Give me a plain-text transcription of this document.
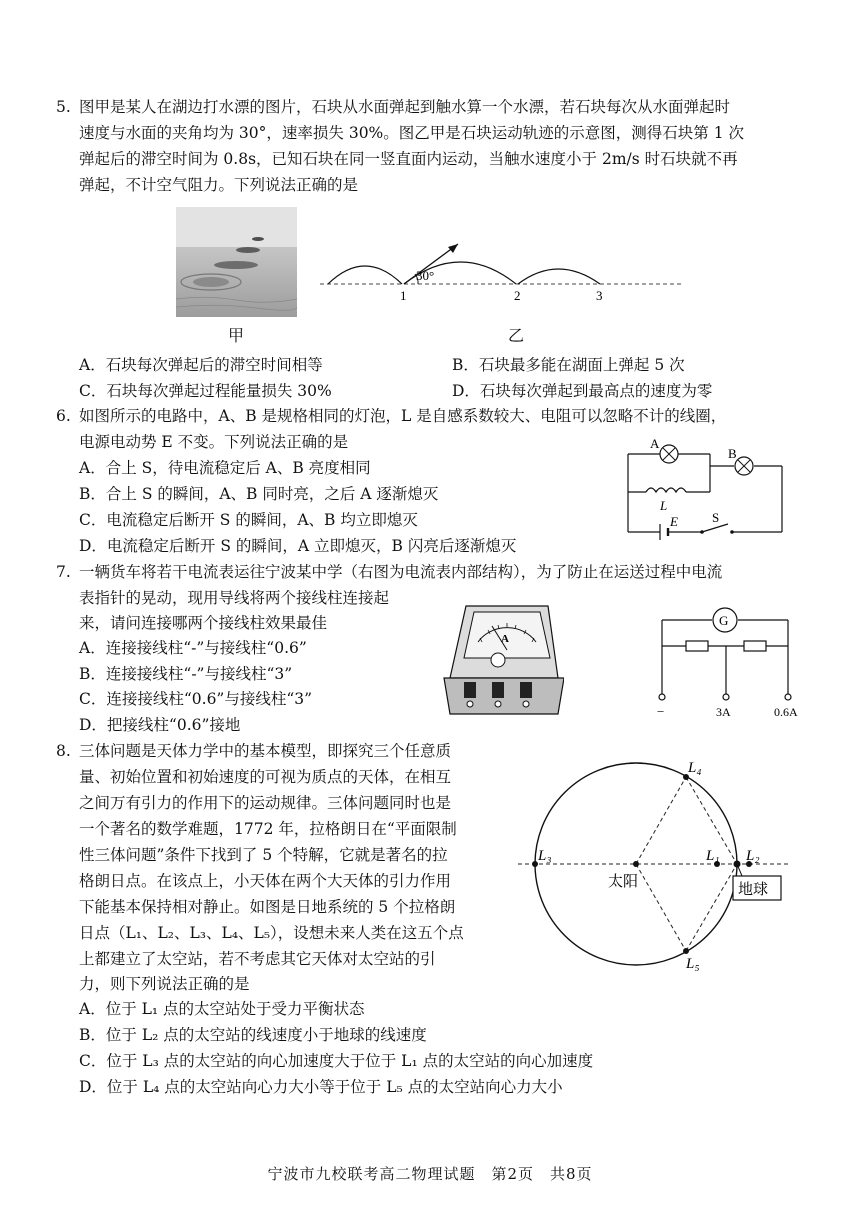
5. 图甲是某人在湖边打水漂的图片，石块从水面弹起到触水算一个水漂，若石块每次从水面弹起时
速度与水面的夹角均为 30°，速率损失 30%。图乙甲是石块运动轨迹的示意图，测得石块第 1 次
弹起后的滞空时间为 0.8s，已知石块在同一竖直面内运动，当触水速度小于 2m/s 时石块就不再
弹起，不计空气阻力。下列说法正确的是
甲
30°
1	2	3
乙
A．石块每次弹起后的滞空时间相等	B．石块最多能在湖面上弹起 5 次
C．石块每次弹起过程能量损失 30%	D．石块每次弹起到最高点的速度为零
6. 如图所示的电路中，A、B 是规格相同的灯泡，L 是自感系数较大、电阻可以忽略不计的线圈，
电源电动势 E 不变。下列说法正确的是
A．合上 S，待电流稳定后 A、B 亮度相同
B．合上 S 的瞬间，A、B 同时亮，之后 A 逐渐熄灭
C．电流稳定后断开 S 的瞬间，A、B 均立即熄灭
D．电流稳定后断开 S 的瞬间，A 立即熄灭，B 闪亮后逐渐熄灭
A
B
L
E	S
7. 一辆货车将若干电流表运往宁波某中学（右图为电流表内部结构），为了防止在运送过程中电流
表指针的晃动，现用导线将两个接线柱连接起
来，请问连接哪两个接线柱效果最佳
A．连接接线柱“-”与接线柱“0.6”
B．连接接线柱“-”与接线柱“3”
C．连接接线柱“0.6”与接线柱“3”
D．把接线柱“0.6”接地
A
G
−	3A	0.6A
8. 三体问题是天体力学中的基本模型，即探究三个任意质
量、初始位置和初始速度的可视为质点的天体，在相互
之间万有引力的作用下的运动规律。三体问题同时也是
一个著名的数学难题，1772 年，拉格朗日在“平面限制
性三体问题”条件下找到了 5 个特解，它就是著名的拉
格朗日点。在该点上，小天体在两个大天体的引力作用
下能基本保持相对静止。如图是日地系统的 5 个拉格朗
日点（L₁、L₂、L₃、L₄、L₅），设想未来人类在这五个点
上都建立了太空站，若不考虑其它天体对太空站的引
力，则下列说法正确的是
A．位于 L₁ 点的太空站处于受力平衡状态
B．位于 L₂ 点的太空站的线速度小于地球的线速度
C．位于 L₃ 点的太空站的向心加速度大于位于 L₁ 点的太空站的向心加速度
D．位于 L₄ 点的太空站向心力大小等于位于 L₅ 点的太空站向心力大小
太阳	地球
L₄
L₅
L₃	L₁ L₂
宁波市九校联考高二物理试题　第2页　共8页
